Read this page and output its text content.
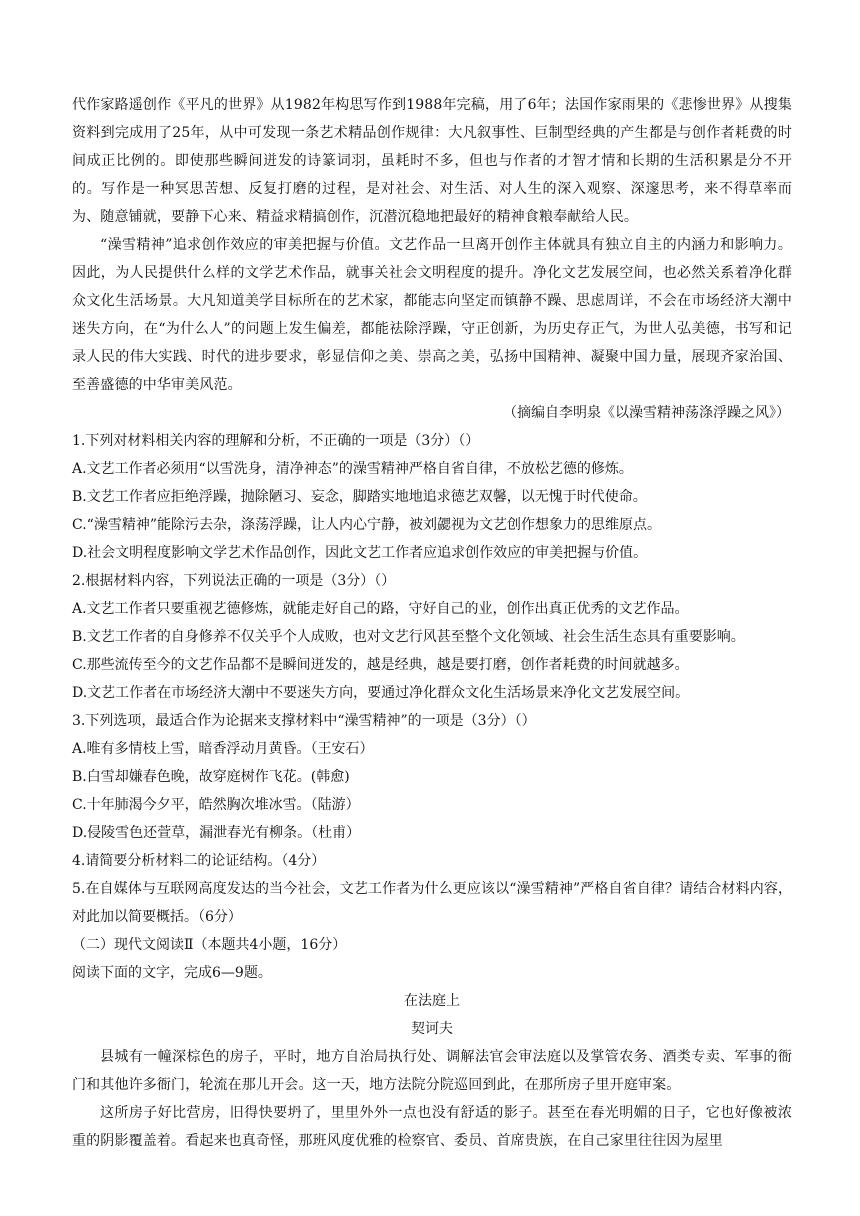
代作家路遥创作《平凡的世界》从1982年构思写作到1988年完稿，用了6年；法国作家雨果的《悲惨世界》从搜集资料到完成用了25年，从中可发现一条艺术精品创作规律：大凡叙事性、巨制型经典的产生都是与创作者耗费的时间成正比例的。即使那些瞬间迸发的诗篆词羽，虽耗时不多，但也与作者的才智才情和长期的生活积累是分不开的。写作是一种冥思苦想、反复打磨的过程，是对社会、对生活、对人生的深入观察、深邃思考，来不得草率而为、随意铺就，要静下心来、精益求精搞创作，沉潜沉稳地把最好的精神食粮奉献给人民。

“澡雪精神”追求创作效应的审美把握与价值。文艺作品一旦离开创作主体就具有独立自主的内涵力和影响力。因此，为人民提供什么样的文学艺术作品，就事关社会文明程度的提升。净化文艺发展空间，也必然关系着净化群众文化生活场景。大凡知道美学目标所在的艺术家，都能志向坚定而镇静不躁、思虑周详，不会在市场经济大潮中迷失方向，在“为什么人”的问题上发生偏差，都能祛除浮躁，守正创新，为历史存正气，为世人弘美德，书写和记录人民的伟大实践、时代的进步要求，彰显信仰之美、崇高之美，弘扬中国精神、凝聚中国力量，展现齐家治国、至善盛德的中华审美风范。

（摘编自李明泉《以澡雪精神荡涤浮躁之风》）

1.下列对材料相关内容的理解和分析，不正确的一项是（3分）（）

A.文艺工作者必须用“以雪洗身，清净神态”的澡雪精神严格自省自律，不放松艺德的修炼。

B.文艺工作者应拒绝浮躁，抛除陋习、妄念，脚踏实地地追求德艺双馨，以无愧于时代使命。

C.“澡雪精神”能除污去杂，涤荡浮躁，让人内心宁静，被刘勰视为文艺创作想象力的思维原点。

D.社会文明程度影响文学艺术作品创作，因此文艺工作者应追求创作效应的审美把握与价值。

2.根据材料内容，下列说法正确的一项是（3分）（）

A.文艺工作者只要重视艺德修炼，就能走好自己的路，守好自己的业，创作出真正优秀的文艺作品。

B.文艺工作者的自身修养不仅关乎个人成败，也对文艺行风甚至整个文化领域、社会生活生态具有重要影响。

C.那些流传至今的文艺作品都不是瞬间迸发的，越是经典，越是要打磨，创作者耗费的时间就越多。

D.文艺工作者在市场经济大潮中不要迷失方向，要通过净化群众文化生活场景来净化文艺发展空间。

3.下列选项，最适合作为论据来支撑材料中“澡雪精神”的一项是（3分）（）

A.唯有多情枝上雪，暗香浮动月黄昏。（王安石）

B.白雪却嫌春色晚，故穿庭树作飞花。(韩愈)

C.十年肺渴今夕平，皓然胸次堆冰雪。（陆游）

D.侵陵雪色还萱草，漏泄春光有柳条。（杜甫）

4.请简要分析材料二的论证结构。（4分）

5.在自媒体与互联网高度发达的当今社会，文艺工作者为什么更应该以“澡雪精神”严格自省自律？请结合材料内容，对此加以简要概括。（6分）

（二）现代文阅读Ⅱ（本题共4小题，16分）

阅读下面的文字，完成6—9题。

在法庭上

契诃夫

县城有一幢深棕色的房子，平时，地方自治局执行处、调解法官会审法庭以及掌管农务、酒类专卖、军事的衙门和其他许多衙门，轮流在那儿开会。这一天，地方法院分院巡回到此，在那所房子里开庭审案。

这所房子好比营房，旧得快要坍了，里里外外一点也没有舒适的影子。甚至在春光明媚的日子，它也好像被浓重的阴影覆盖着。看起来也真奇怪，那班风度优雅的检察官、委员、首席贵族，在自己家里往往因为屋里
